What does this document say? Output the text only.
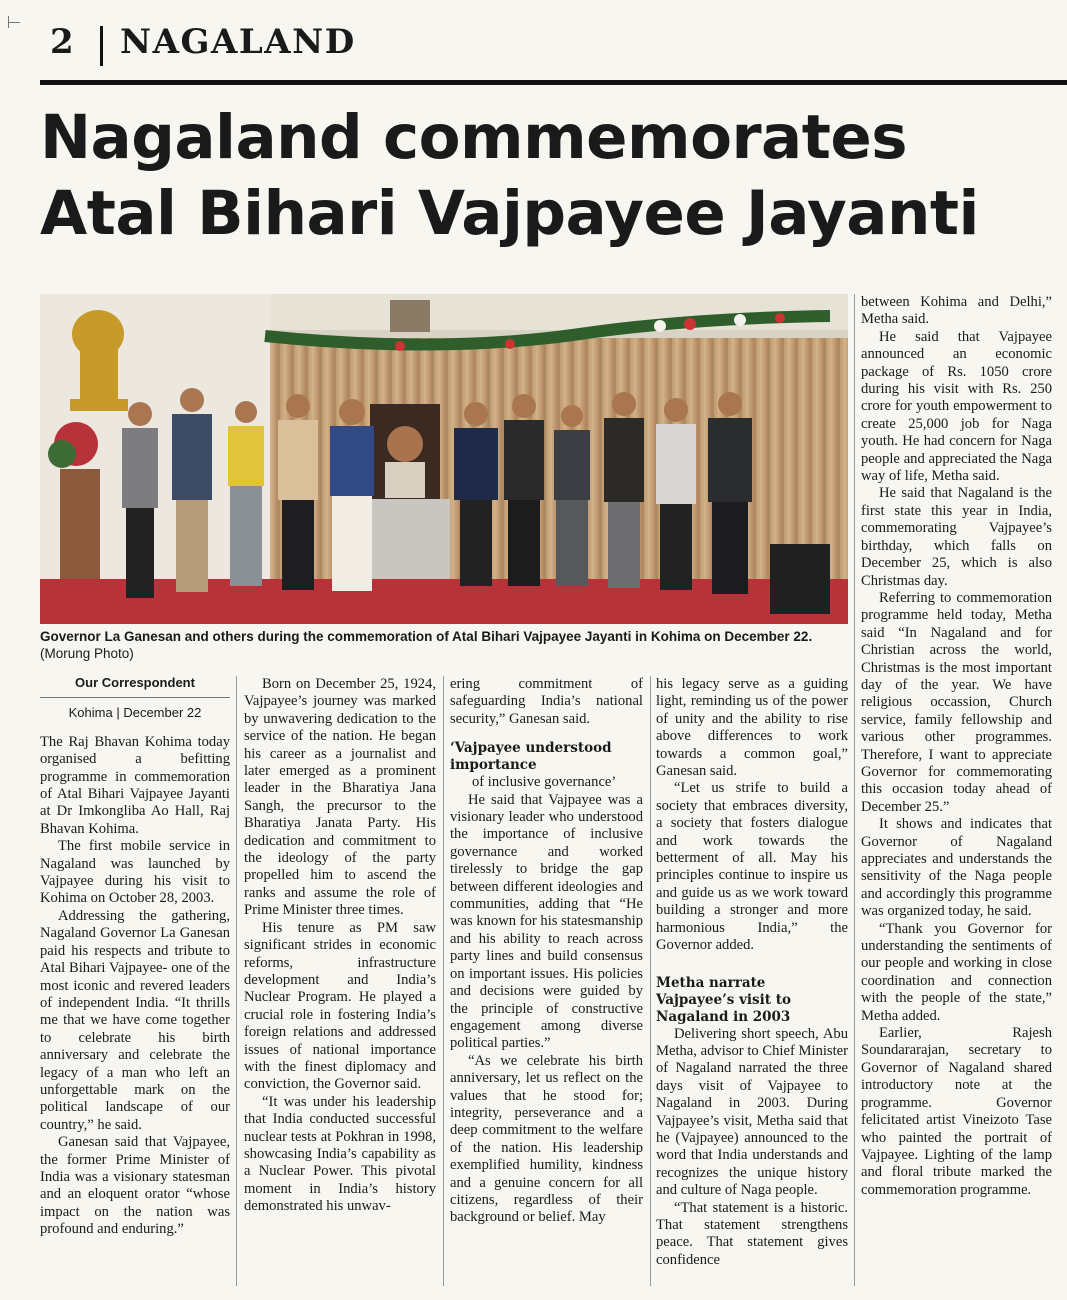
2 NAGALAND
Nagaland commemorates
Atal Bihari Vajpayee Jayanti
Governor La Ganesan and others during the commemoration of Atal Bihari Vajpayee Jayanti in Kohima on December 22.
(Morung Photo)
Our Correspondent
Kohima | December 22

The Raj Bhavan Kohima today organised a befitting programme in commemoration of Atal Bihari Vajpayee Jayanti at Dr Imkongliba Ao Hall, Raj Bhavan Kohima.

The first mobile service in Nagaland was launched by Vajpayee during his visit to Kohima on October 28, 2003.

Addressing the gathering, Nagaland Governor La Ganesan paid his respects and tribute to Atal Bihari Vajpayee- one of the most iconic and revered leaders of independent India. “It thrills me that we have come together to celebrate his birth anniversary and celebrate the legacy of a man who left an unforgettable mark on the political landscape of our country,” he said.

Ganesan said that Vajpayee, the former Prime Minister of India was a visionary statesman and an eloquent orator “whose impact on the nation was profound and enduring.”

Born on December 25, 1924, Vajpayee’s journey was marked by unwavering dedication to the service of the nation. He began his career as a journalist and later emerged as a prominent leader in the Bharatiya Jana Sangh, the precursor to the Bharatiya Janata Party. His dedication and commitment to the ideology of the party propelled him to ascend the ranks and assume the role of Prime Minister three times.

His tenure as PM saw significant strides in economic reforms, infrastructure development and India’s Nuclear Program. He played a crucial role in fostering India’s foreign relations and addressed issues of national importance with the finest diplomacy and conviction, the Governor said.

“It was under his leadership that India conducted successful nuclear tests at Pokhran in 1998, showcasing India’s capability as a Nuclear Power. This pivotal moment in India’s history demonstrated his unwav-

ering commitment of safeguarding India’s national security,” Ganesan said.

‘Vajpayee understood importance

of inclusive governance’

He said that Vajpayee was a visionary leader who understood the importance of inclusive governance and worked tirelessly to bridge the gap between different ideologies and communities, adding that “He was known for his statesmanship and his ability to reach across party lines and build consensus on important issues. His policies and decisions were guided by the principle of constructive engagement among diverse political parties.”

“As we celebrate his birth anniversary, let us reflect on the values that he stood for; integrity, perseverance and a deep commitment to the welfare of the nation. His leadership exemplified humility, kindness and a genuine concern for all citizens, regardless of their background or belief. May

his legacy serve as a guiding light, reminding us of the power of unity and the ability to rise above differences to work towards a common goal,” Ganesan said.

“Let us strife to build a society that embraces diversity, a society that fosters dialogue and work towards the betterment of all. May his principles continue to inspire us and guide us as we work toward building a stronger and more harmonious India,” the Governor added.

Metha narrate Vajpayee’s visit to Nagaland in 2003

Delivering short speech, Abu Metha, advisor to Chief Minister of Nagaland narrated the three days visit of Vajpayee to Nagaland in 2003. During Vajpayee’s visit, Metha said that he (Vajpayee) announced to the word that India understands and recognizes the unique history and culture of Naga people.

“That statement is a historic. That statement strengthens peace. That statement gives confidence

between Kohima and Delhi,” Metha said.

He said that Vajpayee announced an economic package of Rs. 1050 crore during his visit with Rs. 250 crore for youth empowerment to create 25,000 job for Naga youth. He had concern for Naga people and appreciated the Naga way of life, Metha said.

He said that Nagaland is the first state this year in India, commemorating Vajpayee’s birthday, which falls on December 25, which is also Christmas day.

Referring to commemoration programme held today, Metha said “In Nagaland and for Christian across the world, Christmas is the most important day of the year. We have religious occassion, Church service, family fellowship and various other programmes. Therefore, I want to appreciate Governor for commemorating this occasion today ahead of December 25.”

It shows and indicates that Governor of Nagaland appreciates and understands the sensitivity of the Naga people and accordingly this programme was organized today, he said.

“Thank you Governor for understanding the sentiments of our people and working in close coordination and connection with the people of the state,” Metha added.

Earlier, Rajesh Soundararajan, secretary to Governor of Nagaland shared introductory note at the programme. Governor felicitated artist Vineizoto Tase who painted the portrait of Vajpayee. Lighting of the lamp and floral tribute marked the commemoration programme.
